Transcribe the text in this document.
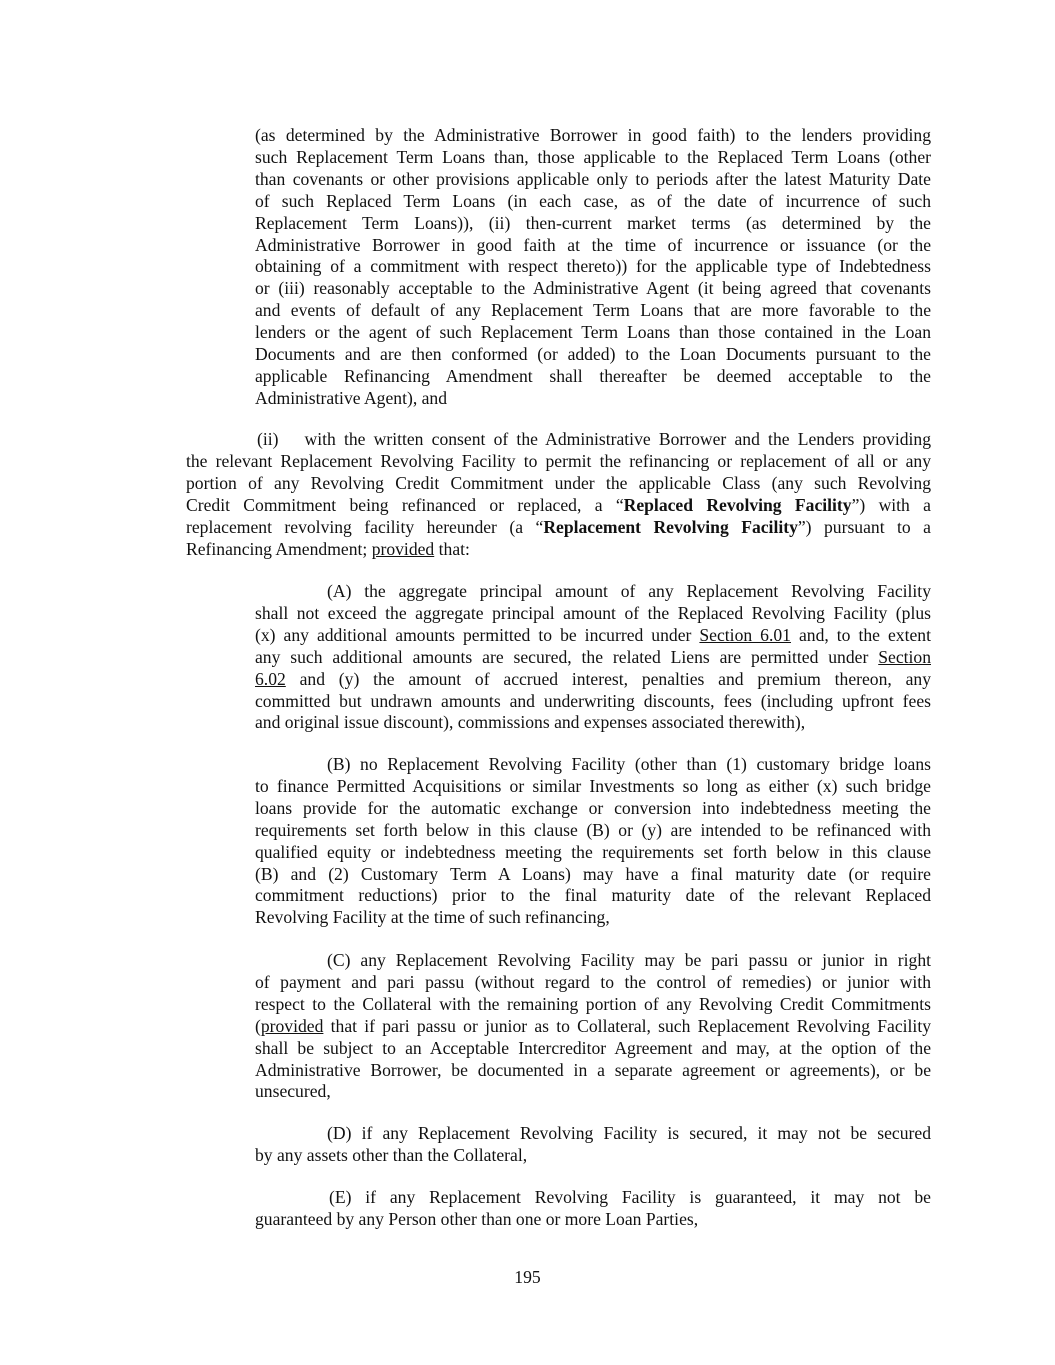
(as determined by the Administrative Borrower in good faith) to the lenders providing
such Replacement Term Loans than, those applicable to the Replaced Term Loans (other
than covenants or other provisions applicable only to periods after the latest Maturity Date
of such Replaced Term Loans (in each case, as of the date of incurrence of such
Replacement Term Loans)), (ii) then-current market terms (as determined by the
Administrative Borrower in good faith at the time of incurrence or issuance (or the
obtaining of a commitment with respect thereto)) for the applicable type of Indebtedness
or (iii) reasonably acceptable to the Administrative Agent (it being agreed that covenants
and events of default of any Replacement Term Loans that are more favorable to the
lenders or the agent of such Replacement Term Loans than those contained in the Loan
Documents and are then conformed (or added) to the Loan Documents pursuant to the
applicable Refinancing Amendment shall thereafter be deemed acceptable to the
Administrative Agent), and
(ii) with the written consent of the Administrative Borrower and the Lenders providing
the relevant Replacement Revolving Facility to permit the refinancing or replacement of all or any
portion of any Revolving Credit Commitment under the applicable Class (any such Revolving
Credit Commitment being refinanced or replaced, a “Replaced Revolving Facility”) with a
replacement revolving facility hereunder (a “Replacement Revolving Facility”) pursuant to a
Refinancing Amendment; provided that:
(A) the aggregate principal amount of any Replacement Revolving Facility
shall not exceed the aggregate principal amount of the Replaced Revolving Facility (plus
(x) any additional amounts permitted to be incurred under Section 6.01 and, to the extent
any such additional amounts are secured, the related Liens are permitted under Section
6.02 and (y) the amount of accrued interest, penalties and premium thereon, any
committed but undrawn amounts and underwriting discounts, fees (including upfront fees
and original issue discount), commissions and expenses associated therewith),
(B) no Replacement Revolving Facility (other than (1) customary bridge loans
to finance Permitted Acquisitions or similar Investments so long as either (x) such bridge
loans provide for the automatic exchange or conversion into indebtedness meeting the
requirements set forth below in this clause (B) or (y) are intended to be refinanced with
qualified equity or indebtedness meeting the requirements set forth below in this clause
(B) and (2) Customary Term A Loans) may have a final maturity date (or require
commitment reductions) prior to the final maturity date of the relevant Replaced
Revolving Facility at the time of such refinancing,
(C) any Replacement Revolving Facility may be pari passu or junior in right
of payment and pari passu (without regard to the control of remedies) or junior with
respect to the Collateral with the remaining portion of any Revolving Credit Commitments
(provided that if pari passu or junior as to Collateral, such Replacement Revolving Facility
shall be subject to an Acceptable Intercreditor Agreement and may, at the option of the
Administrative Borrower, be documented in a separate agreement or agreements), or be
unsecured,
(D) if any Replacement Revolving Facility is secured, it may not be secured
by any assets other than the Collateral,
(E) if any Replacement Revolving Facility is guaranteed, it may not be
guaranteed by any Person other than one or more Loan Parties,
195
